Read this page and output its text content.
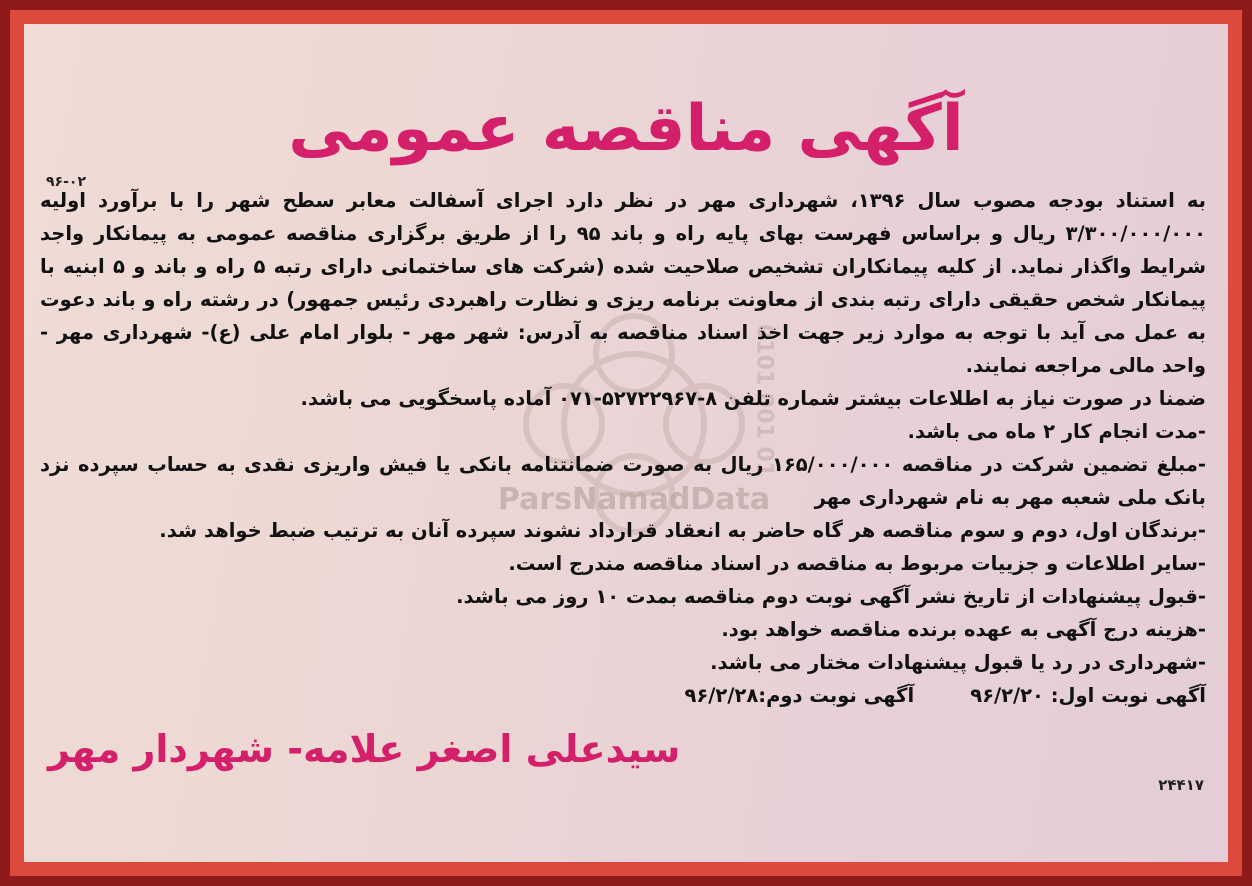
0101 001 01
ParsNamadData
آگهی مناقصه عمومی
۹۶-۰۲

به استناد بودجه مصوب سال ۱۳۹۶، شهرداری مهر در نظر دارد اجرای آسفالت معابر سطح شهر را با برآورد اولیه ۳/۳۰۰/۰۰۰/۰۰۰ ریال و براساس فهرست بهای پایه راه و باند ۹۵ را از طریق برگزاری مناقصه عمومی به پیمانکار واجد شرایط واگذار نماید. از کلیه پیمانکاران تشخیص صلاحیت شده (شرکت های ساختمانی دارای رتبه ۵ راه و باند و ۵ ابنیه با پیمانکار شخص حقیقی دارای رتبه بندی از معاونت برنامه ریزی و نظارت راهبردی رئیس جمهور) در رشته راه و باند دعوت به عمل می آید با توجه به موارد زیر جهت اخذ اسناد مناقصه به آدرس: شهر مهر - بلوار امام علی (ع)- شهرداری مهر - واحد مالی مراجعه نمایند.

ضمنا در صورت نیاز به اطلاعات بیشتر شماره تلفن ۸-۵۲۷۲۲۹۶۷-۰۷۱ آماده پاسخگویی می باشد.

-مدت انجام کار ۲ ماه می باشد.

-مبلغ تضمین شرکت در مناقصه ۱۶۵/۰۰۰/۰۰۰ ریال به صورت ضمانتنامه بانکی یا فیش واریزی نقدی به حساب سپرده نزد بانک ملی شعبه مهر به نام شهرداری مهر

-برندگان اول، دوم و سوم مناقصه هر گاه حاضر به انعقاد قرارداد نشوند سپرده آنان به ترتیب ضبط خواهد شد.

-سایر اطلاعات و جزییات مربوط به مناقصه در اسناد مناقصه مندرج است.

-قبول پیشنهادات از تاریخ نشر آگهی نوبت دوم مناقصه بمدت ۱۰ روز می باشد.

-هزینه درج آگهی به عهده برنده مناقصه خواهد بود.

-شهرداری در رد یا قبول پیشنهادات مختار می باشد.

آگهی نوبت اول: ۹۶/۲/۲۰آگهی نوبت دوم:۹۶/۲/۲۸

سیدعلی اصغر علامه- شهردار مهر
۲۴۴۱۷
